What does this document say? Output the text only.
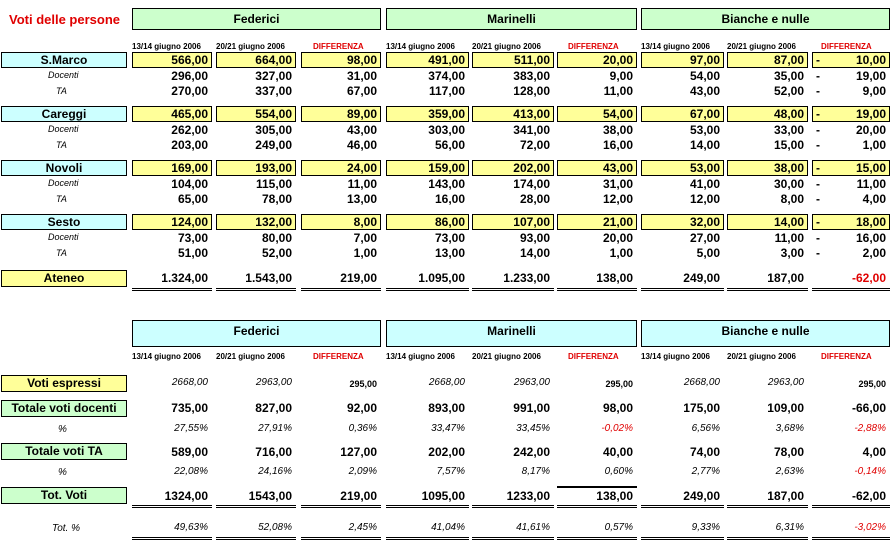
Voti delle persone	Federici	Marinelli	Bianche e nulle
13/14 giugno 2006 20/21 giugno 2006	DIFFERENZA	13/14 giugno 2006 20/21 giugno 2006	DIFFERENZA	13/14 giugno 2006 20/21 giugno 2006	DIFFERENZA
S.Marco	566,00	664,00	98,00	491,00	511,00	20,00	97,00	87,00	10,00
-
Docenti	296,00	327,00	31,00	374,00	383,00	9,00	54,00	35,00	19,00
-
TA	270,00	337,00	67,00	117,00	128,00	11,00	43,00	52,00	9,00
-
Careggi	465,00	554,00	89,00	359,00	413,00	54,00	67,00	48,00	19,00
-
Docenti	262,00	305,00	43,00	303,00	341,00	38,00	53,00	33,00	20,00
-
TA	203,00	249,00	46,00	56,00	72,00	16,00	14,00	15,00	1,00
-
Novoli	169,00	193,00	24,00	159,00	202,00	43,00	53,00	38,00	15,00
-
Docenti	104,00	115,00	11,00	143,00	174,00	31,00	41,00	30,00	11,00
-
TA	65,00	78,00	13,00	16,00	28,00	12,00	12,00	8,00	4,00
-
Sesto	124,00	132,00	8,00	86,00	107,00	21,00	32,00	14,00	18,00
-
Docenti	73,00	80,00	7,00	73,00	93,00	20,00	27,00	11,00	16,00
-
TA	51,00	52,00	1,00	13,00	14,00	1,00	5,00	3,00	2,00
-
Ateneo	1.324,00	1.543,00	219,00	1.095,00	1.233,00	138,00	249,00	187,00	-62,00
Federici	Marinelli	Bianche e nulle
13/14 giugno 2006 20/21 giugno 2006	DIFFERENZA	13/14 giugno 2006 20/21 giugno 2006	DIFFERENZA	13/14 giugno 2006 20/21 giugno 2006	DIFFERENZA
Voti espressi	2668,00	2963,00	295,00	2668,00	2963,00	295,00	2668,00	2963,00	295,00
Totale voti docenti	735,00	827,00	92,00	893,00	991,00	98,00	175,00	109,00	-66,00
%	27,55%	27,91%	0,36%	33,47%	33,45%	-0,02%	6,56%	3,68%	-2,88%
Totale voti TA	589,00	716,00	127,00	202,00	242,00	40,00	74,00	78,00	4,00
%	22,08%	24,16%	2,09%	7,57%	8,17%	0,60%	2,77%	2,63%	-0,14%
Tot. Voti	1324,00	1543,00	219,00	1095,00	1233,00	138,00	249,00	187,00	-62,00
Tot. %	49,63%	52,08%	2,45%	41,04%	41,61%	0,57%	9,33%	6,31%	-3,02%
